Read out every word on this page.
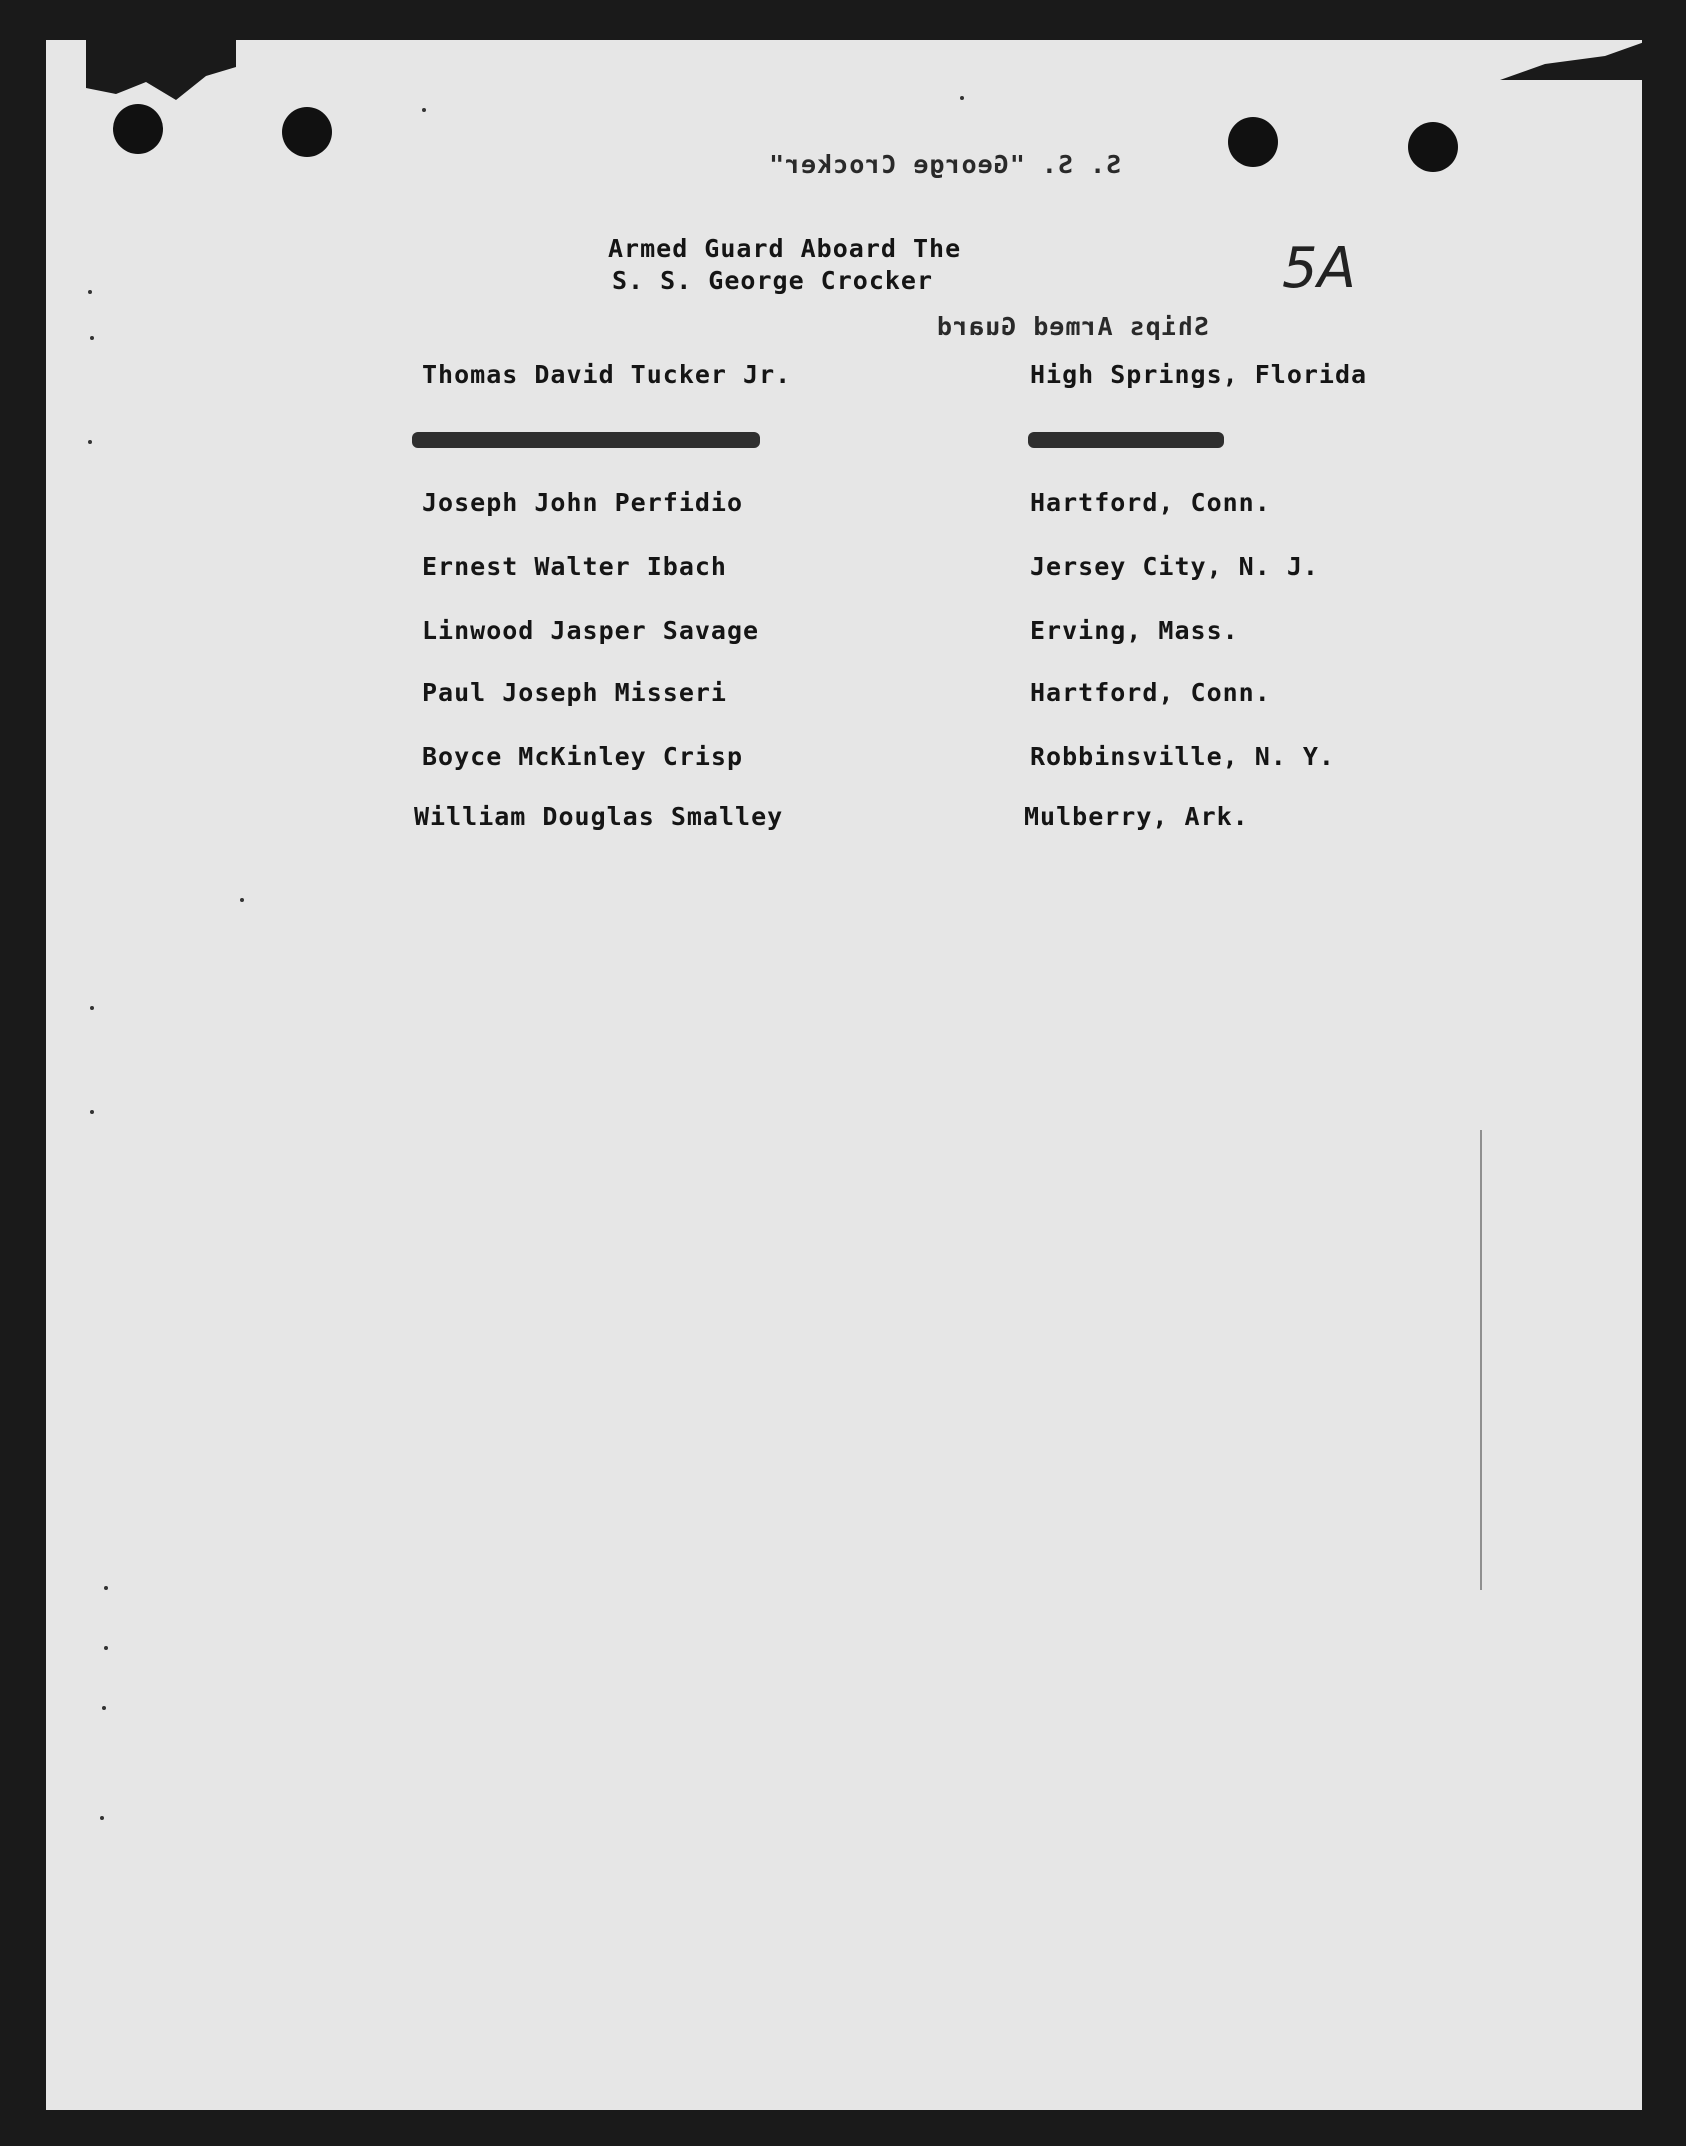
S. S. "George Crocker"
Armed Guard Aboard The
S. S. George Crocker	5A
Ships Armed Guard
Thomas David Tucker Jr.
Joseph John Perfidio
Ernest Walter Ibach
Linwood Jasper Savage
Paul Joseph Misseri
Boyce McKinley Crisp
William Douglas Smalley
High Springs, Florida
Hartford, Conn.
Jersey City, N. J.
Erving, Mass.
Hartford, Conn.
Robbinsville, N. Y.
Mulberry, Ark.
